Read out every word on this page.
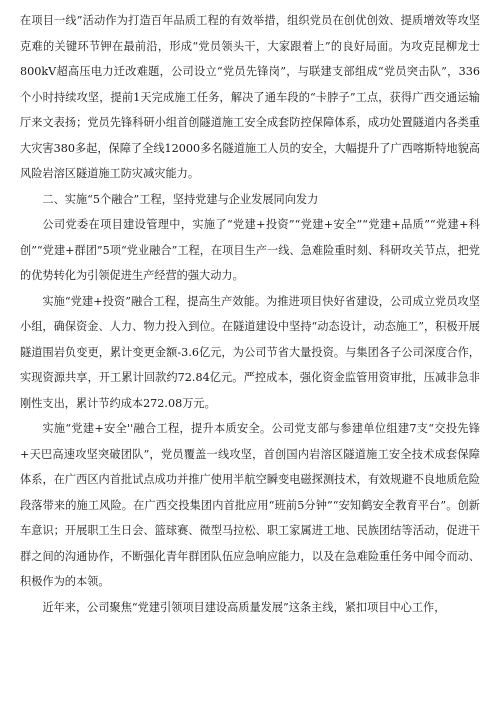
在项目一线”活动作为打造百年品质工程的有效举措，组织党员在创优创效、提质增效等攻坚克难的关键环节钾在最前沿，形成“党员领头干，大家跟着上”的良好局面。为攻克昆柳龙士800kV超高压电力迁改难题，公司设立“党员先锋岗”，与联建支部组成“党员突击队”，336个小时持续攻坚，提前1天完成施工任务，解决了通车段的“卡脖子”工点，获得广西交通运输厅来文表扬；党员先锋科研小组首创隧道施工安全成套防控保障体系，成功处置隧道内各类重大灾害380多起，保障了全线12000多名隧道施工人员的安全，大幅提升了广西喀斯特地貌高风险岩溶区隧道施工防灾减灾能力。

二、实施“5个融合”工程，坚持党建与企业发展同向发力

公司党委在项目建设管理中，实施了“党建+投资”“党建+安全”“党建+品质”“党建+科创”“党建+群团”5项“党业融合”工程，在项目生产一线、急难险重时刻、科研攻关节点，把党的优势转化为引领促进生产经营的强大动力。

实施“党建+投资”融合工程，提高生产效能。为推进项目快好省建设，公司成立党员攻坚小组，确保资金、人力、物力投入到位。在隧道建设中坚持“动态设计，动态施工”，积极开展隧道围岩负变更，累计变更金额-3.6亿元，为公司节省大量投资。与集团各子公司深度合作，实现资源共享，开工累计回款约72.84亿元。严控成本，强化资金监管用资审批，压减非急非刚性支出，累计节约成本272.08万元。

实施“党建+安全''融合工程，提升本质安全。公司党支部与参建单位组建7支“交投先锋+天巴高速攻坚突破团队”，党员覆盖一线攻坚，首创国内岩溶区隧道施工安全技术成套保障体系，在广西区内首批试点成功并推广使用半航空瞬变电磁探测技术，有效规避不良地质危险段落带来的施工风险。在广西交投集团内首批应用“班前5分钟”“安知鹤安全教育平台”。创新车意识；开展职工生日会、篮球赛、微型马拉松、职工家属进工地、民族团结等活动，促进干群之间的沟通协作，不断强化青年群团队伍应急响应能力，以及在急难险重任务中闻令而动、积极作为的本领。

近年来，公司聚焦“党建引领项目建设高质量发展”这条主线，紧扣项目中心工作，
